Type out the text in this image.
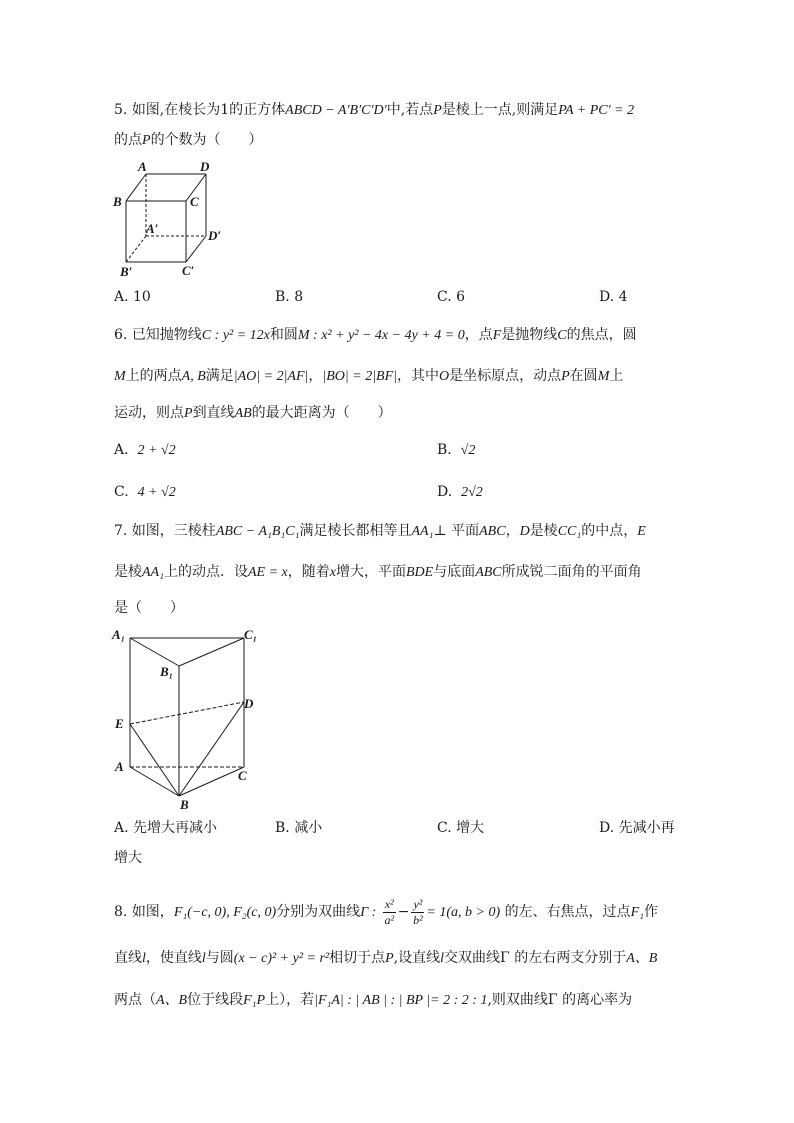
5. 如图,在棱长为1的正方体ABCD − A′B′C′D′中,若点P是棱上一点,则满足PA + PC′ = 2
的点P的个数为（　　）
A	D
B	C
A′	D′
B′	C′
A. 10	B. 8	C. 6	D. 4
6. 已知抛物线C : y² = 12x和圆M : x² + y² − 4x − 4y + 4 = 0，点F是抛物线C的焦点，圆
M上的两点A, B满足|AO| = 2|AF|，|BO| = 2|BF|，其中O是坐标原点，动点P在圆M上
运动，则点P到直线AB的最大距离为（　　）
A. 2 + √2	B. √2
C. 4 + √2	D. 2√2
7. 如图，三棱柱ABC − A₁B₁C₁满足棱长都相等且AA₁⊥ 平面ABC，D是棱CC₁的中点，E
是棱AA₁上的动点．设AE = x，随着x增大，平面BDE与底面ABC所成锐二面角的平面角
是（　　）
A₁	C₁
B₁
D
E
A
C
B
A. 先增大再减小	B. 减小	C. 增大	D. 先减小再
增大
8. 如图，F₁(−c, 0), F₂(c, 0)分别为双曲线Γ : $\frac{\text{x²}}{\text{a²}} - \frac{\text{y²}}{\text{b²}} = 1(a$, b > 0) 的左、右焦点，过点F₁作
直线l，使直线l与圆(x − c)² + y² = r²相切于点P,设直线l交双曲线Γ 的左右两支分别于A、B
两点（A、B位于线段F₁P上），若|F₁A| : | AB | : | BP |= 2 : 2 : 1,则双曲线Γ 的离心率为
